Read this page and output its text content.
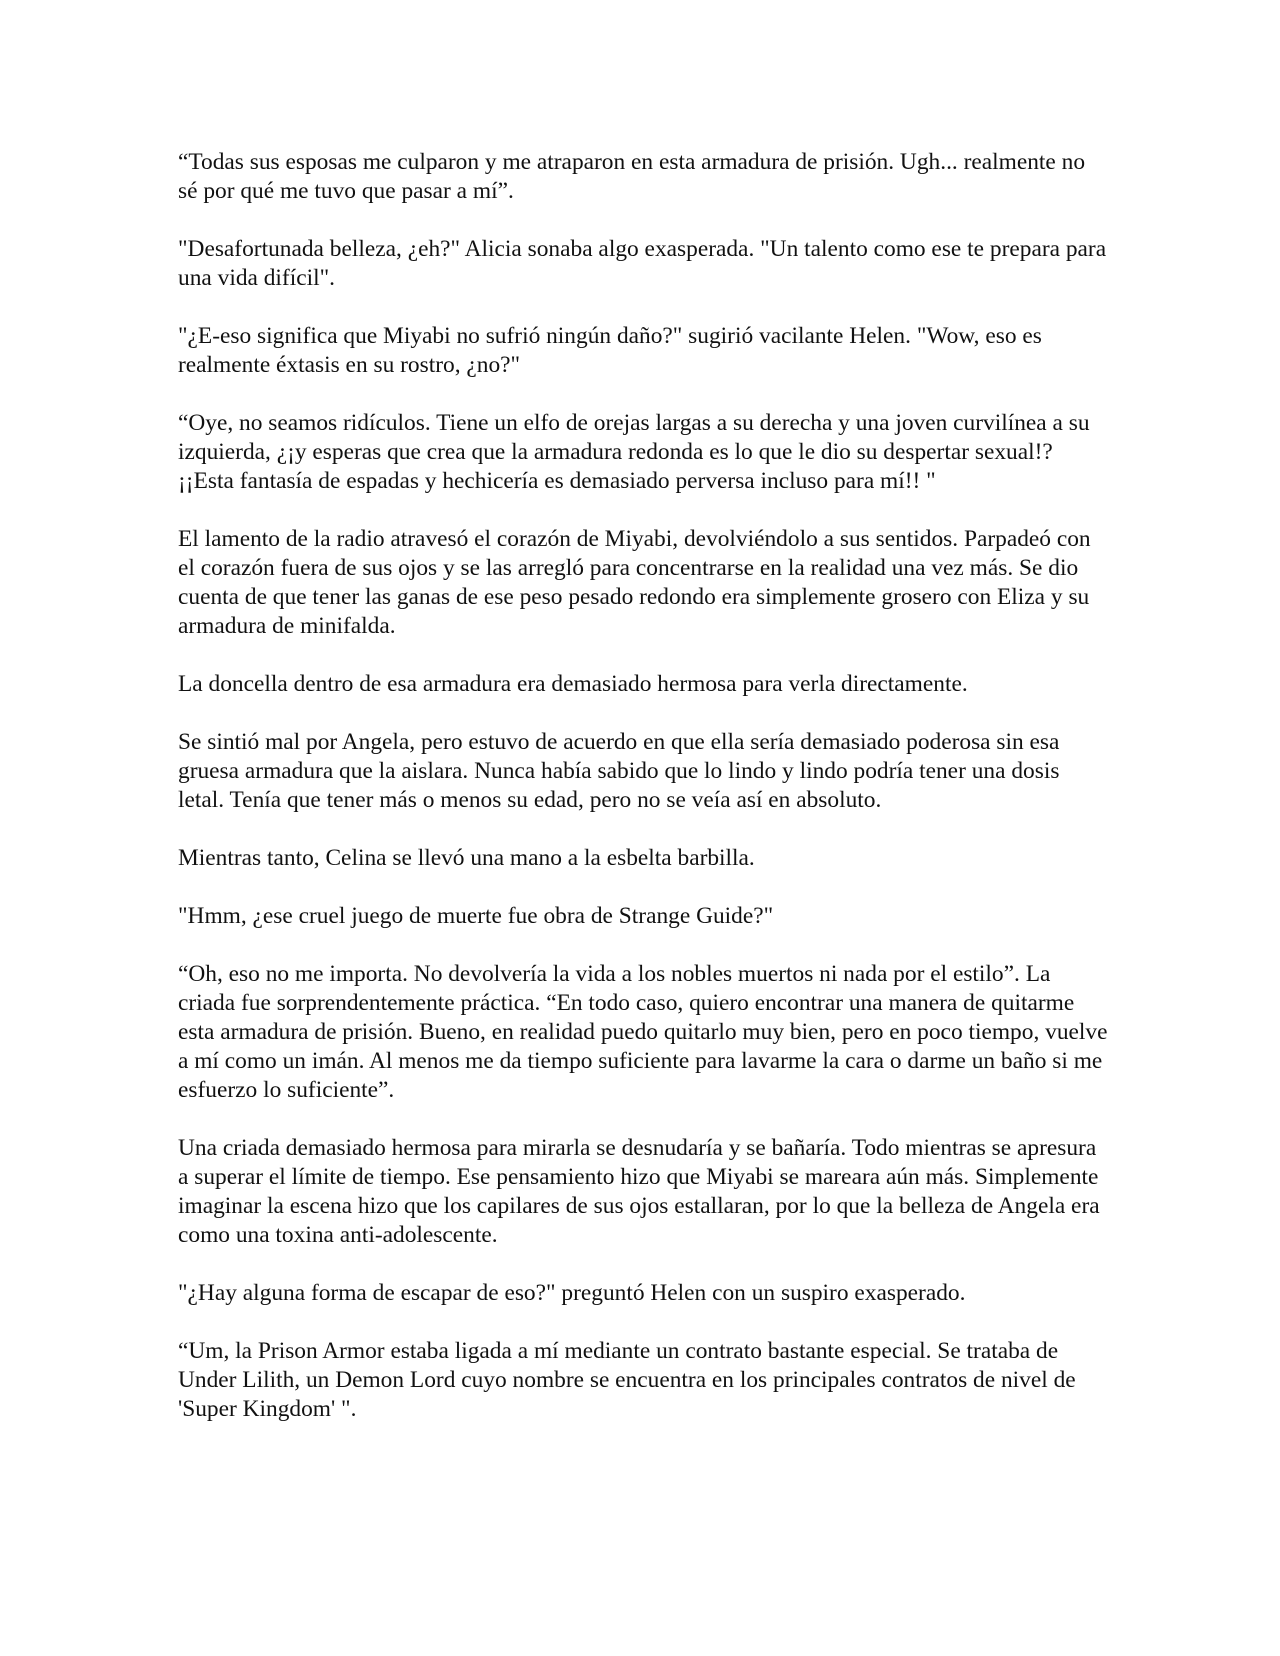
“Todas sus esposas me culparon y me atraparon en esta armadura de prisión. Ugh... realmente no sé por qué me tuvo que pasar a mí”.

"Desafortunada belleza, ¿eh?" Alicia sonaba algo exasperada. "Un talento como ese te prepara para una vida difícil".

"¿E-eso significa que Miyabi no sufrió ningún daño?" sugirió vacilante Helen. "Wow, eso es realmente éxtasis en su rostro, ¿no?"

“Oye, no seamos ridículos. Tiene un elfo de orejas largas a su derecha y una joven curvilínea a su izquierda, ¿¡y esperas que crea que la armadura redonda es lo que le dio su despertar sexual!? ¡¡Esta fantasía de espadas y hechicería es demasiado perversa incluso para mí!! "

El lamento de la radio atravesó el corazón de Miyabi, devolviéndolo a sus sentidos. Parpadeó con el corazón fuera de sus ojos y se las arregló para concentrarse en la realidad una vez más. Se dio cuenta de que tener las ganas de ese peso pesado redondo era simplemente grosero con Eliza y su armadura de minifalda.

La doncella dentro de esa armadura era demasiado hermosa para verla directamente.

Se sintió mal por Angela, pero estuvo de acuerdo en que ella sería demasiado poderosa sin esa gruesa armadura que la aislara. Nunca había sabido que lo lindo y lindo podría tener una dosis letal. Tenía que tener más o menos su edad, pero no se veía así en absoluto.

Mientras tanto, Celina se llevó una mano a la esbelta barbilla.

"Hmm, ¿ese cruel juego de muerte fue obra de Strange Guide?"

“Oh, eso no me importa. No devolvería la vida a los nobles muertos ni nada por el estilo”. La criada fue sorprendentemente práctica. “En todo caso, quiero encontrar una manera de quitarme esta armadura de prisión. Bueno, en realidad puedo quitarlo muy bien, pero en poco tiempo, vuelve a mí como un imán. Al menos me da tiempo suficiente para lavarme la cara o darme un baño si me esfuerzo lo suficiente”.

Una criada demasiado hermosa para mirarla se desnudaría y se bañaría. Todo mientras se apresura a superar el límite de tiempo. Ese pensamiento hizo que Miyabi se mareara aún más. Simplemente imaginar la escena hizo que los capilares de sus ojos estallaran, por lo que la belleza de Angela era como una toxina anti-adolescente.

"¿Hay alguna forma de escapar de eso?" preguntó Helen con un suspiro exasperado.

“Um, la Prison Armor estaba ligada a mí mediante un contrato bastante especial. Se trataba de Under Lilith, un Demon Lord cuyo nombre se encuentra en los principales contratos de nivel de 'Super Kingdom' ".
